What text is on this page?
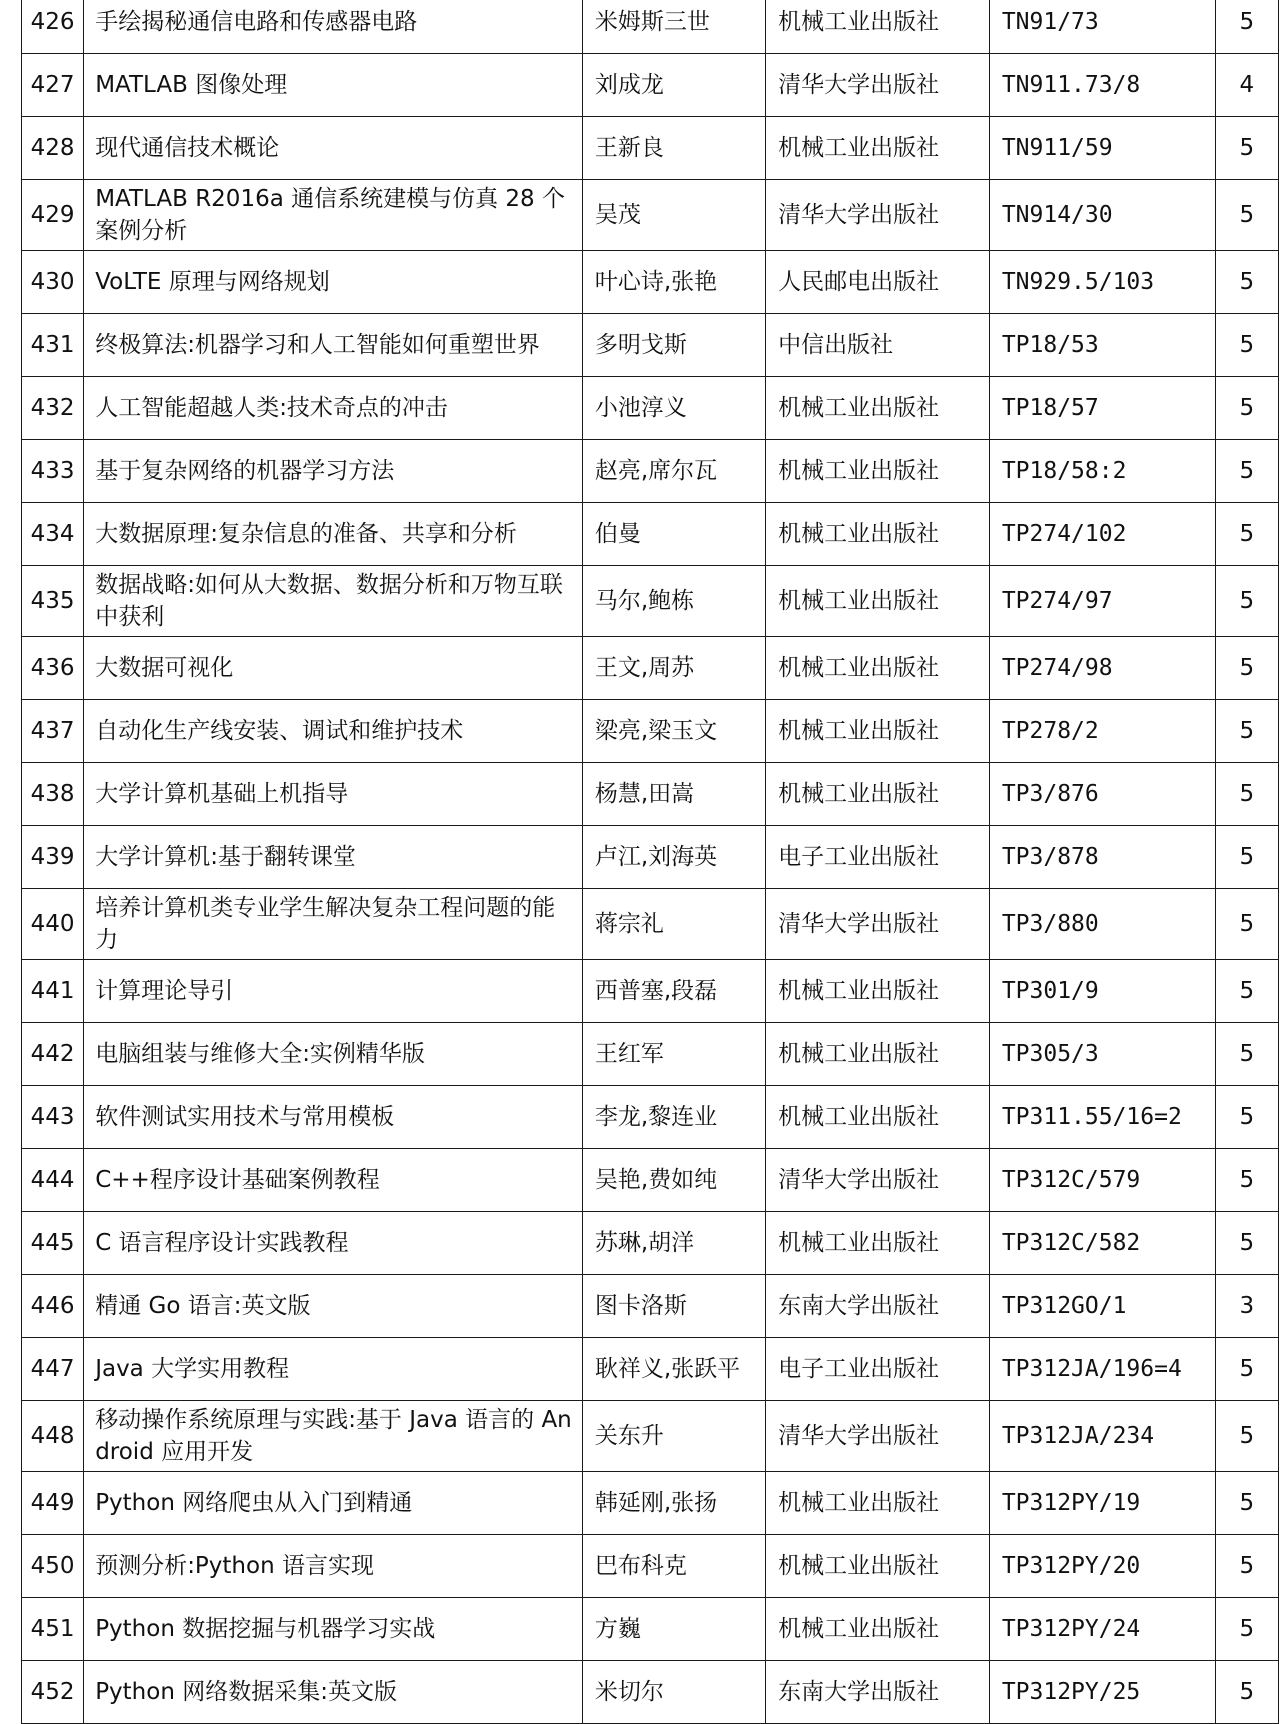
426	手绘揭秘通信电路和传感器电路	米姆斯三世	机械工业出版社	TN91/73	5
427	MATLAB 图像处理	刘成龙	清华大学出版社	TN911.73/8	4
428	现代通信技术概论	王新良	机械工业出版社	TN911/59	5
429	MATLAB R2016a 通信系统建模与仿真 28 个案例分析	吴茂	清华大学出版社	TN914/30	5
430	VoLTE 原理与网络规划	叶心诗,张艳	人民邮电出版社	TN929.5/103	5
431	终极算法:机器学习和人工智能如何重塑世界	多明戈斯	中信出版社	TP18/53	5
432	人工智能超越人类:技术奇点的冲击	小池淳义	机械工业出版社	TP18/57	5
433	基于复杂网络的机器学习方法	赵亮,席尔瓦	机械工业出版社	TP18/58:2	5
434	大数据原理:复杂信息的准备、共享和分析	伯曼	机械工业出版社	TP274/102	5
435	数据战略:如何从大数据、数据分析和万物互联中获利	马尔,鲍栋	机械工业出版社	TP274/97	5
436	大数据可视化	王文,周苏	机械工业出版社	TP274/98	5
437	自动化生产线安装、调试和维护技术	梁亮,梁玉文	机械工业出版社	TP278/2	5
438	大学计算机基础上机指导	杨慧,田嵩	机械工业出版社	TP3/876	5
439	大学计算机:基于翻转课堂	卢江,刘海英	电子工业出版社	TP3/878	5
440	培养计算机类专业学生解决复杂工程问题的能力	蒋宗礼	清华大学出版社	TP3/880	5
441	计算理论导引	西普塞,段磊	机械工业出版社	TP301/9	5
442	电脑组装与维修大全:实例精华版	王红军	机械工业出版社	TP305/3	5
443	软件测试实用技术与常用模板	李龙,黎连业	机械工业出版社	TP311.55/16=2	5
444	C++程序设计基础案例教程	吴艳,费如纯	清华大学出版社	TP312C/579	5
445	C 语言程序设计实践教程	苏琳,胡洋	机械工业出版社	TP312C/582	5
446	精通 Go 语言:英文版	图卡洛斯	东南大学出版社	TP312GO/1	3
447	Java 大学实用教程	耿祥义,张跃平	电子工业出版社	TP312JA/196=4	5
448	移动操作系统原理与实践:基于 Java 语言的 Android 应用开发	关东升	清华大学出版社	TP312JA/234	5
449	Python 网络爬虫从入门到精通	韩延刚,张扬	机械工业出版社	TP312PY/19	5
450	预测分析:Python 语言实现	巴布科克	机械工业出版社	TP312PY/20	5
451	Python 数据挖掘与机器学习实战	方巍	机械工业出版社	TP312PY/24	5
452	Python 网络数据采集:英文版	米切尔	东南大学出版社	TP312PY/25	5
